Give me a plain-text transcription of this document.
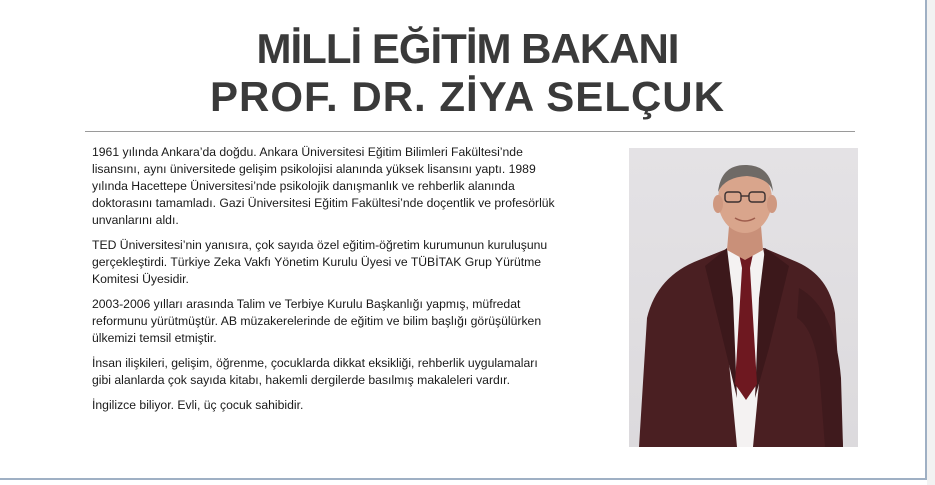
MİLLİ EĞİTİM BAKANI
PROF. DR. ZİYA SELÇUK

1961 yılında Ankara’da doğdu. Ankara Üniversitesi Eğitim Bilimleri Fakültesi’nde
lisansını, aynı üniversitede gelişim psikolojisi alanında yüksek lisansını yaptı. 1989
yılında Hacettepe Üniversitesi’nde psikolojik danışmanlık ve rehberlik alanında
doktorasını tamamladı. Gazi Üniversitesi Eğitim Fakültesi’nde doçentlik ve profesörlük
unvanlarını aldı.

TED Üniversitesi’nin yanısıra, çok sayıda özel eğitim-öğretim kurumunun kuruluşunu
gerçekleştirdi. Türkiye Zeka Vakfı Yönetim Kurulu Üyesi ve TÜBİTAK Grup Yürütme
Komitesi Üyesidir.

2003-2006 yılları arasında Talim ve Terbiye Kurulu Başkanlığı yapmış, müfredat
reformunu yürütmüştür. AB müzakerelerinde de eğitim ve bilim başlığı görüşülürken
ülkemizi temsil etmiştir.

İnsan ilişkileri, gelişim, öğrenme, çocuklarda dikkat eksikliği, rehberlik uygulamaları
gibi alanlarda çok sayıda kitabı, hakemli dergilerde basılmış makaleleri vardır.

İngilizce biliyor. Evli, üç çocuk sahibidir.
